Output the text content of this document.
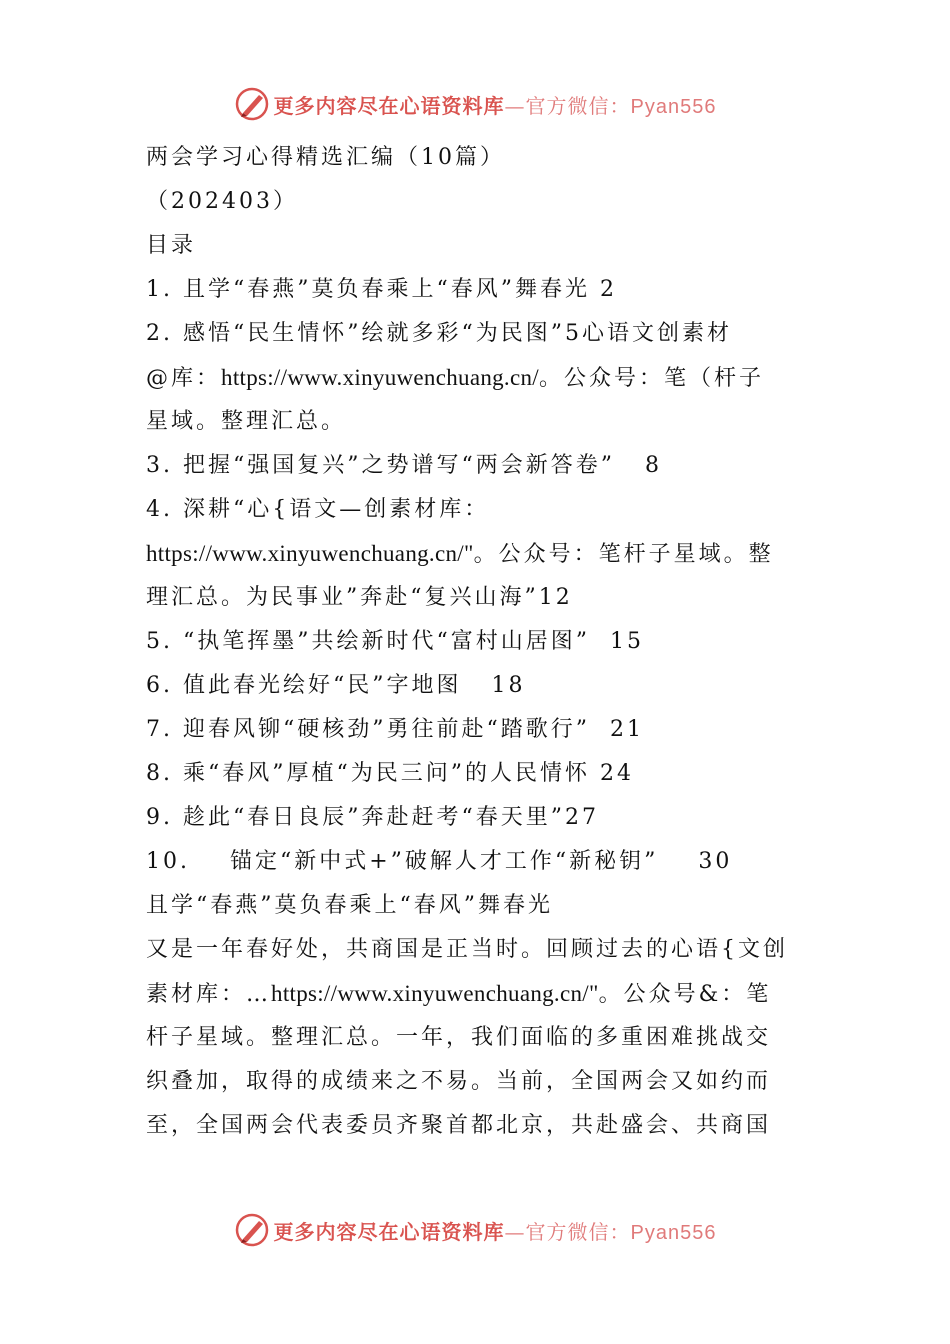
更多内容尽在心语资料库—官方微信：Pyan556
两会学习心得精选汇编（10篇）
（202403）
目录
1.
且学“春燕”莫负春乘上“春风”舞春光 2
2.
感悟“民生情怀”绘就多彩“为民图”5心语文创素材
@库：https://www.xinyuwenchuang.cn/。公众号：笔（杆子
星域。整理汇总。
3.
把握“强国复兴”之势谱写“两会新答卷” 8
4. 深耕“心{语文—创素材库：
https://www.xinyuwenchuang.cn/"。公众号：笔杆子星域。整
理汇总。为民事业”奔赴“复兴山海”12
5.
“执笔挥墨”共绘新时代“富村山居图” 15
6.
值此春光绘好“民”字地图 18
7.
迎春风铆“硬核劲”勇往前赴“踏歌行” 21
8.
乘“春风”厚植“为民三问”的人民情怀 24
9.
趁此“春日良辰”奔赴赶考“春天里” 27
10.
锚定“新中式+”破解人才工作“新秘钥” 30
且学“春燕”莫负春乘上“春风”舞春光
又是一年春好处，共商国是正当时。回顾过去的心语{文创
素材库：…https://www.xinyuwenchuang.cn/"。公众号&：笔
杆子星域。整理汇总。一年，我们面临的多重困难挑战交
织叠加，取得的成绩来之不易。当前，全国两会又如约而
至，全国两会代表委员齐聚首都北京，共赴盛会、共商国
更多内容尽在心语资料库—官方微信：Pyan556
